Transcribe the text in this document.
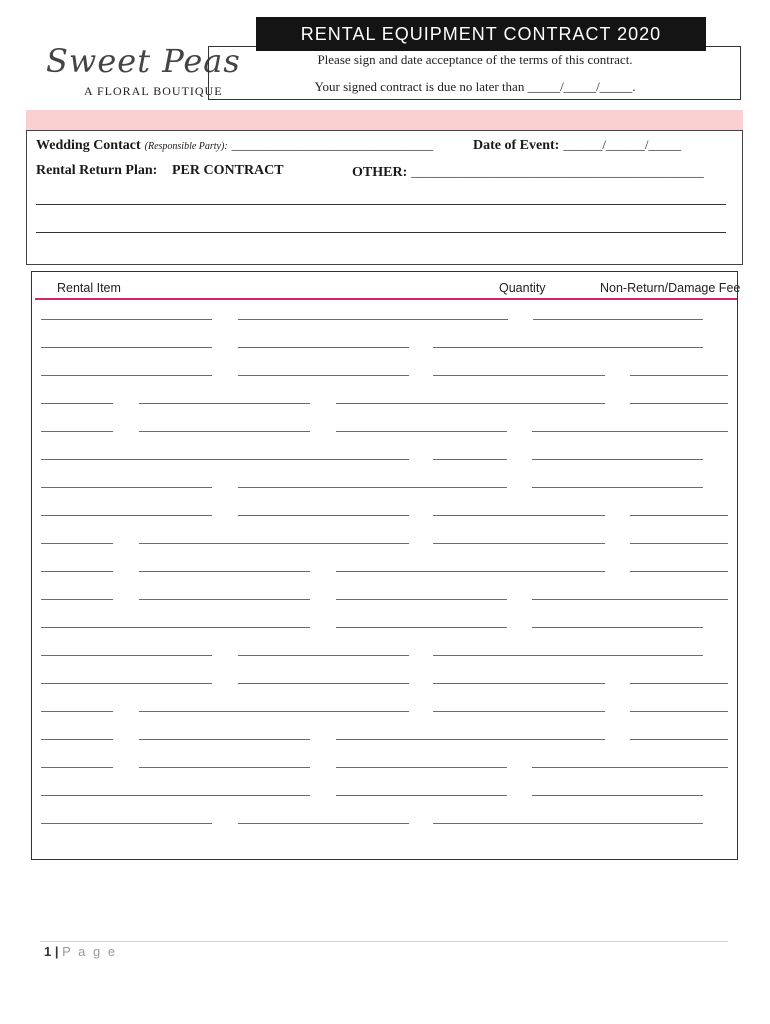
Sweet Peas
A FLORAL BOUTIQUE
RENTAL EQUIPMENT CONTRACT 2020
Please sign and date acceptance of the terms of this contract.
Your signed contract is due no later than _____/_____/_____.
Wedding Contact (Responsible Party): _______________________________	Date of Event: ______/______/_____
Rental Return Plan: PER CONTRACT	OTHER: _____________________________________________
Rental Item	Quantity	Non-Return/Damage Fee
1 | P a g e
